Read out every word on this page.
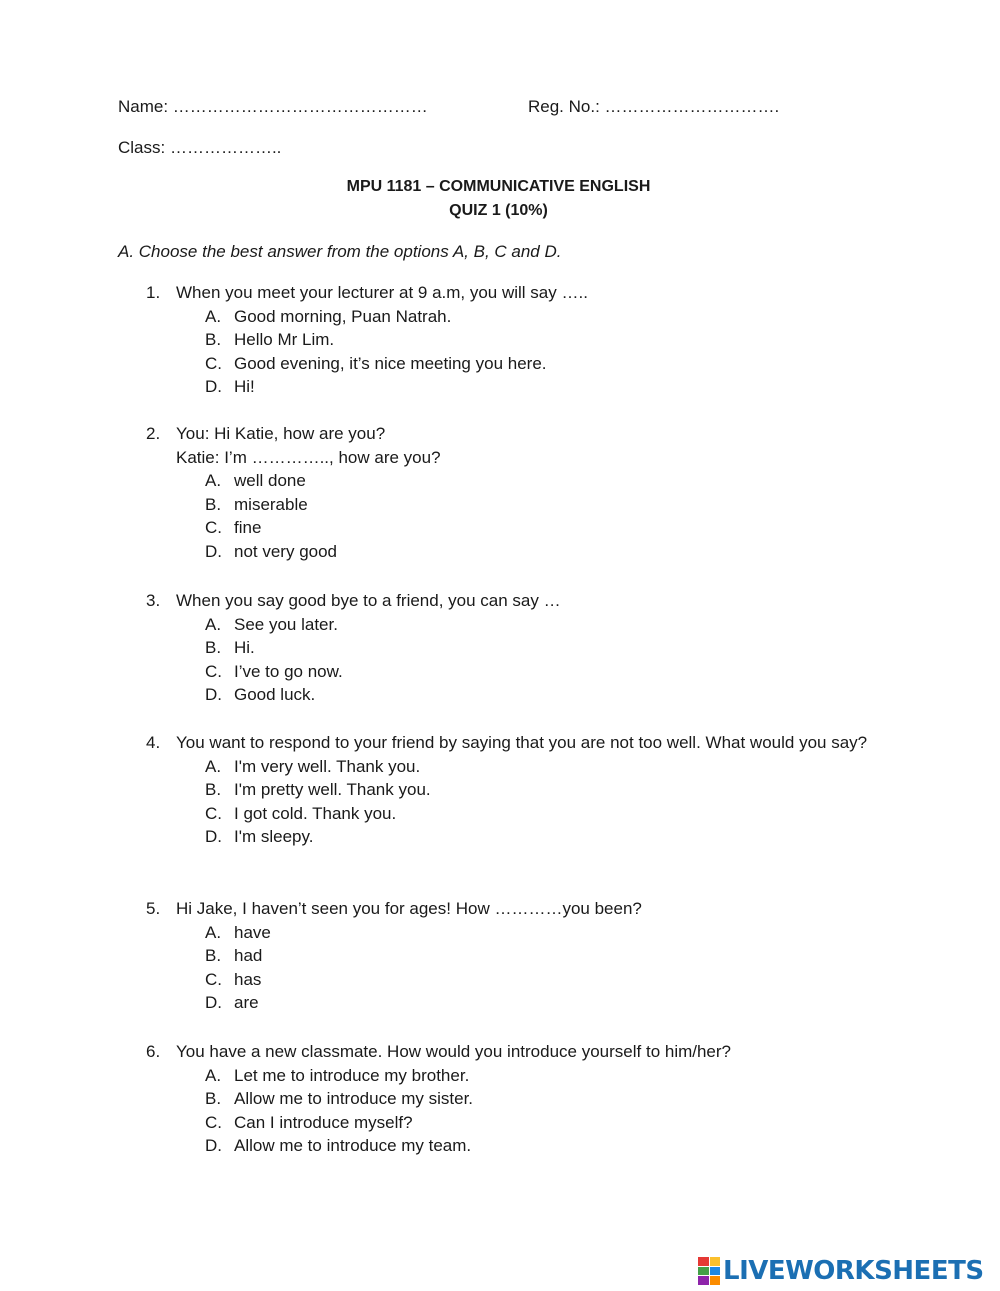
Name: ………………………………………	Reg. No.: ………………………….
Class: ………………..
MPU 1181 – COMMUNICATIVE ENGLISH
QUIZ 1 (10%)
A. Choose the best answer from the options A, B, C and D.
1. When you meet your lecturer at 9 a.m, you will say …..
A. Good morning, Puan Natrah.
B. Hello Mr Lim.
C. Good evening, it’s nice meeting you here.
D. Hi!
2. You: Hi Katie, how are you?
Katie: I’m ………….., how are you?
A. well done
B. miserable
C. fine
D. not very good
3. When you say good bye to a friend, you can say …
A. See you later.
B. Hi.
C. I’ve to go now.
D. Good luck.
4. You want to respond to your friend by saying that you are not too well. What would you say?
A. I'm very well. Thank you.
B. I'm pretty well. Thank you.
C. I got cold. Thank you.
D. I'm sleepy.
5. Hi Jake, I haven’t seen you for ages! How …………you been?
A. have
B. had
C. has
D. are
6. You have a new classmate. How would you introduce yourself to him/her?
A. Let me to introduce my brother.
B. Allow me to introduce my sister.
C. Can I introduce myself?
D. Allow me to introduce my team.
LIVEWORKSHEETS
